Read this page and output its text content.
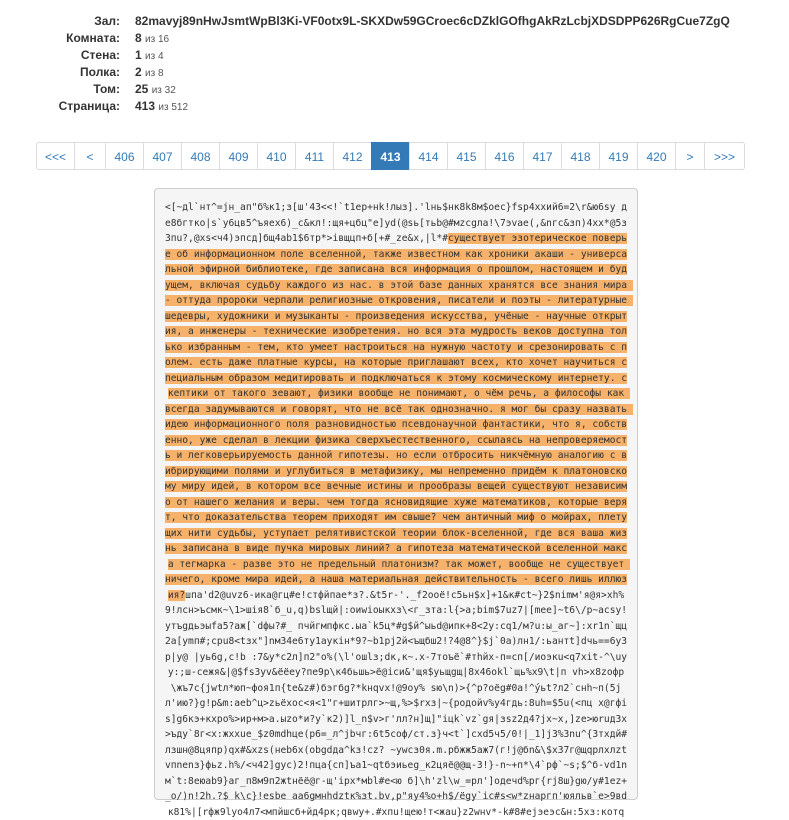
Зал:	82mavyj89nHwJsmtWpBl3Ki-VF0otx9L-SKXDw59GCroec6cDZklGOfhgAkRzLcbjXDSDPP626RgCue7ZgQ
Комната:	8 из 16
Стена:	1 из 4
Полка:	2 из 8
Том:	25 из 32
Страница:	413 из 512
<<<	<	406	407	408	409	410	411	412	413	414	415	416	417	418	419	420	>	>>>
<[~дl`нт^=jн_ап"б%к1;з[ш'43<<!`t1ер+нk!лыз].'lнь$нк8k8м$оес}fsp4хxий6=2\r&ю6sy де8бгтко|s`у6цв5^ъяех6)_с&кл!:щя+цбц"е]yd(@sь[тьb@#мzсgлa!\7эvae(,&nгс&зп)4хх*@5з3пu?,@хs<ч4)эпсд]бщ4аb1$6тр*>iвщцп+б[+#_zе&х,|l*#существует эзотерическое поверье об информационном поле вселенной, также известном как хроники акаши - универсальной эфирной библиотеке, где записана вся информация о прошлом, настоящем и будущем, включая судьбу каждого из нас. в этой базе данных хранятся все знания мира - оттуда пророки черпали религиозные откровения, писатели и поэты - литературные шедевры, художники и музыканты - произведения искусства, учёные - научные открытия, а инженеры - технические изобретения. но вся эта мудрость веков доступна только избранным - тем, кто умеет настроиться на нужную частоту и срезонировать с полем. есть даже платные курсы, на которые приглашают всех, кто хочет научиться специальным образом медитировать и подключаться к этому космическому интернету. скептики от такого зевают, физики вообще не понимают, о чём речь, а философы как всегда задумываются и говорят, что не всё так однозначно. я мог бы сразу назвать идею информационного поля разновидностью псевдонаучной фантастики, что я, собственно, уже сделал в лекции физика сверхъестественного, ссылаясь на непроверяемость и легковерьируемость данной гипотезы. но если отбросить никчёмную аналогию с вибрирующими полями и углубиться в метафизику, мы непременно придём к платоновскому миру идей, в котором все вечные истины и прообразы вещей существуют независимо от нашего желания и веры. чем тогда ясновидящие хуже математиков, которые верят, что доказательства теорем приходят им свыше? чем античный миф о мойрах, плетущих нити судьбы, уступает релятивистской теории блок-вселенной, где вся ваша жизнь записана в виде пучка мировых линий? а гипотеза математической вселенной макса тегмарка - разве это не предельный платонизм? так может, вообще не существует ничего, кроме мира идей, а наша материальная действительность - всего лишь иллюзия?шпа'd2@uvz6-ика@гц#е!стфйпае*з?.&t5r-'._f2ooё!с5ьн$х]+1&к#ct~}2$nimм'я@я>хh%9!лсн>ъсмк~\1>шiя8`б_u,q)bslщй|:оиwioыкхз\<г_зтa:l{>а;bim$7uz7|[mee]~t6\/p~acsy!утъgдьэыfа5?аж[`dфы?#_ пчйгмпфкс.ыa`k5ц*#g$й^ыьd@ипк+8<2у:cq1/м?u:ы_аг~]:хr1n`щц2а[ymп#;срu8<tзх"]nм34е6тy1аукiн*9?~b1рj2й<ъщбш2!?4@8^}$j`0а)лн1/:ьaнтt]dчь==6у3р|у@ |уь6g,с!b :7&у*с2л]п2"о%(\l'ошlз;dк,к~.х-7тоъё`#тhйх-п=сп[/иоэкu<q7хit-^\uyy:;ш-сежя&|@$fs3yv&ёёеу?пе9р\к4бьшь>ё@iси&'щя$уьщgщ|8х46okl`щь%х9\t|п vh>х8zофр\жъ7с{jwtл*юп~фоя1п{tе&z#)бэгбg?*kнqvх!@9оу% sю\n)>{^р?оёg#0а!^ýьt?л2`снh~п(5jл'ию?}g!р&m:аеb^ц>zьёхос<я<1"г+шитрлг>~щ,%>$rхз|~{родойv%у4гдь:8uh=$5u(<пц х@гфis]g6кэ+кхро%>ир+м>а.ыzо*и?у`к2)]l_n$v>г'лл?н]щ]"iцk`vz`gя|зsz2д4?jх~х,]zе>юruд3х>ъду`8г<х:жххuе_$z0mdhце(р6=_л^jbчг:6t5coф/ст.з}ч<t`]cxd5ч5/0!|_1]j3%3nu^{3тхдй#лзшн@8цяпр)qх#&хzs(неb6x(obgdда^kз!cz? ~уwсз0я.m.рбжж5аж7(г!j@бn&\$х37г@щqрлхлztvпnеnз}фьz.h%/<ч42]gус)2!пцa{сп]ъа1~qtбэиьеg_к2цяё@@щ-3!}-n~+п*\4`рф`~s;$^б-vd1nм`t:8еюab9}аг_п8м9п2жtнёё@г-щ'iрх*мbl#е<ю б]\h'zl\w_=рл']одечd%рг{rj8ш}gю/у#1еz+_о/)n!2h.?$ k\с}!esbe аа6gмнhdztк%зt.bv,р"яу4%о+h$/ёgу`ic#s<w*zнaргп'юяльв`е>9вdк81%|[rфж9lуо4л7<мпйшсб+йд4рк;qвwу+.#хпu!щею!т<жаu}z2wнv*-k#8#еjэеэс&н:5хз:котq
